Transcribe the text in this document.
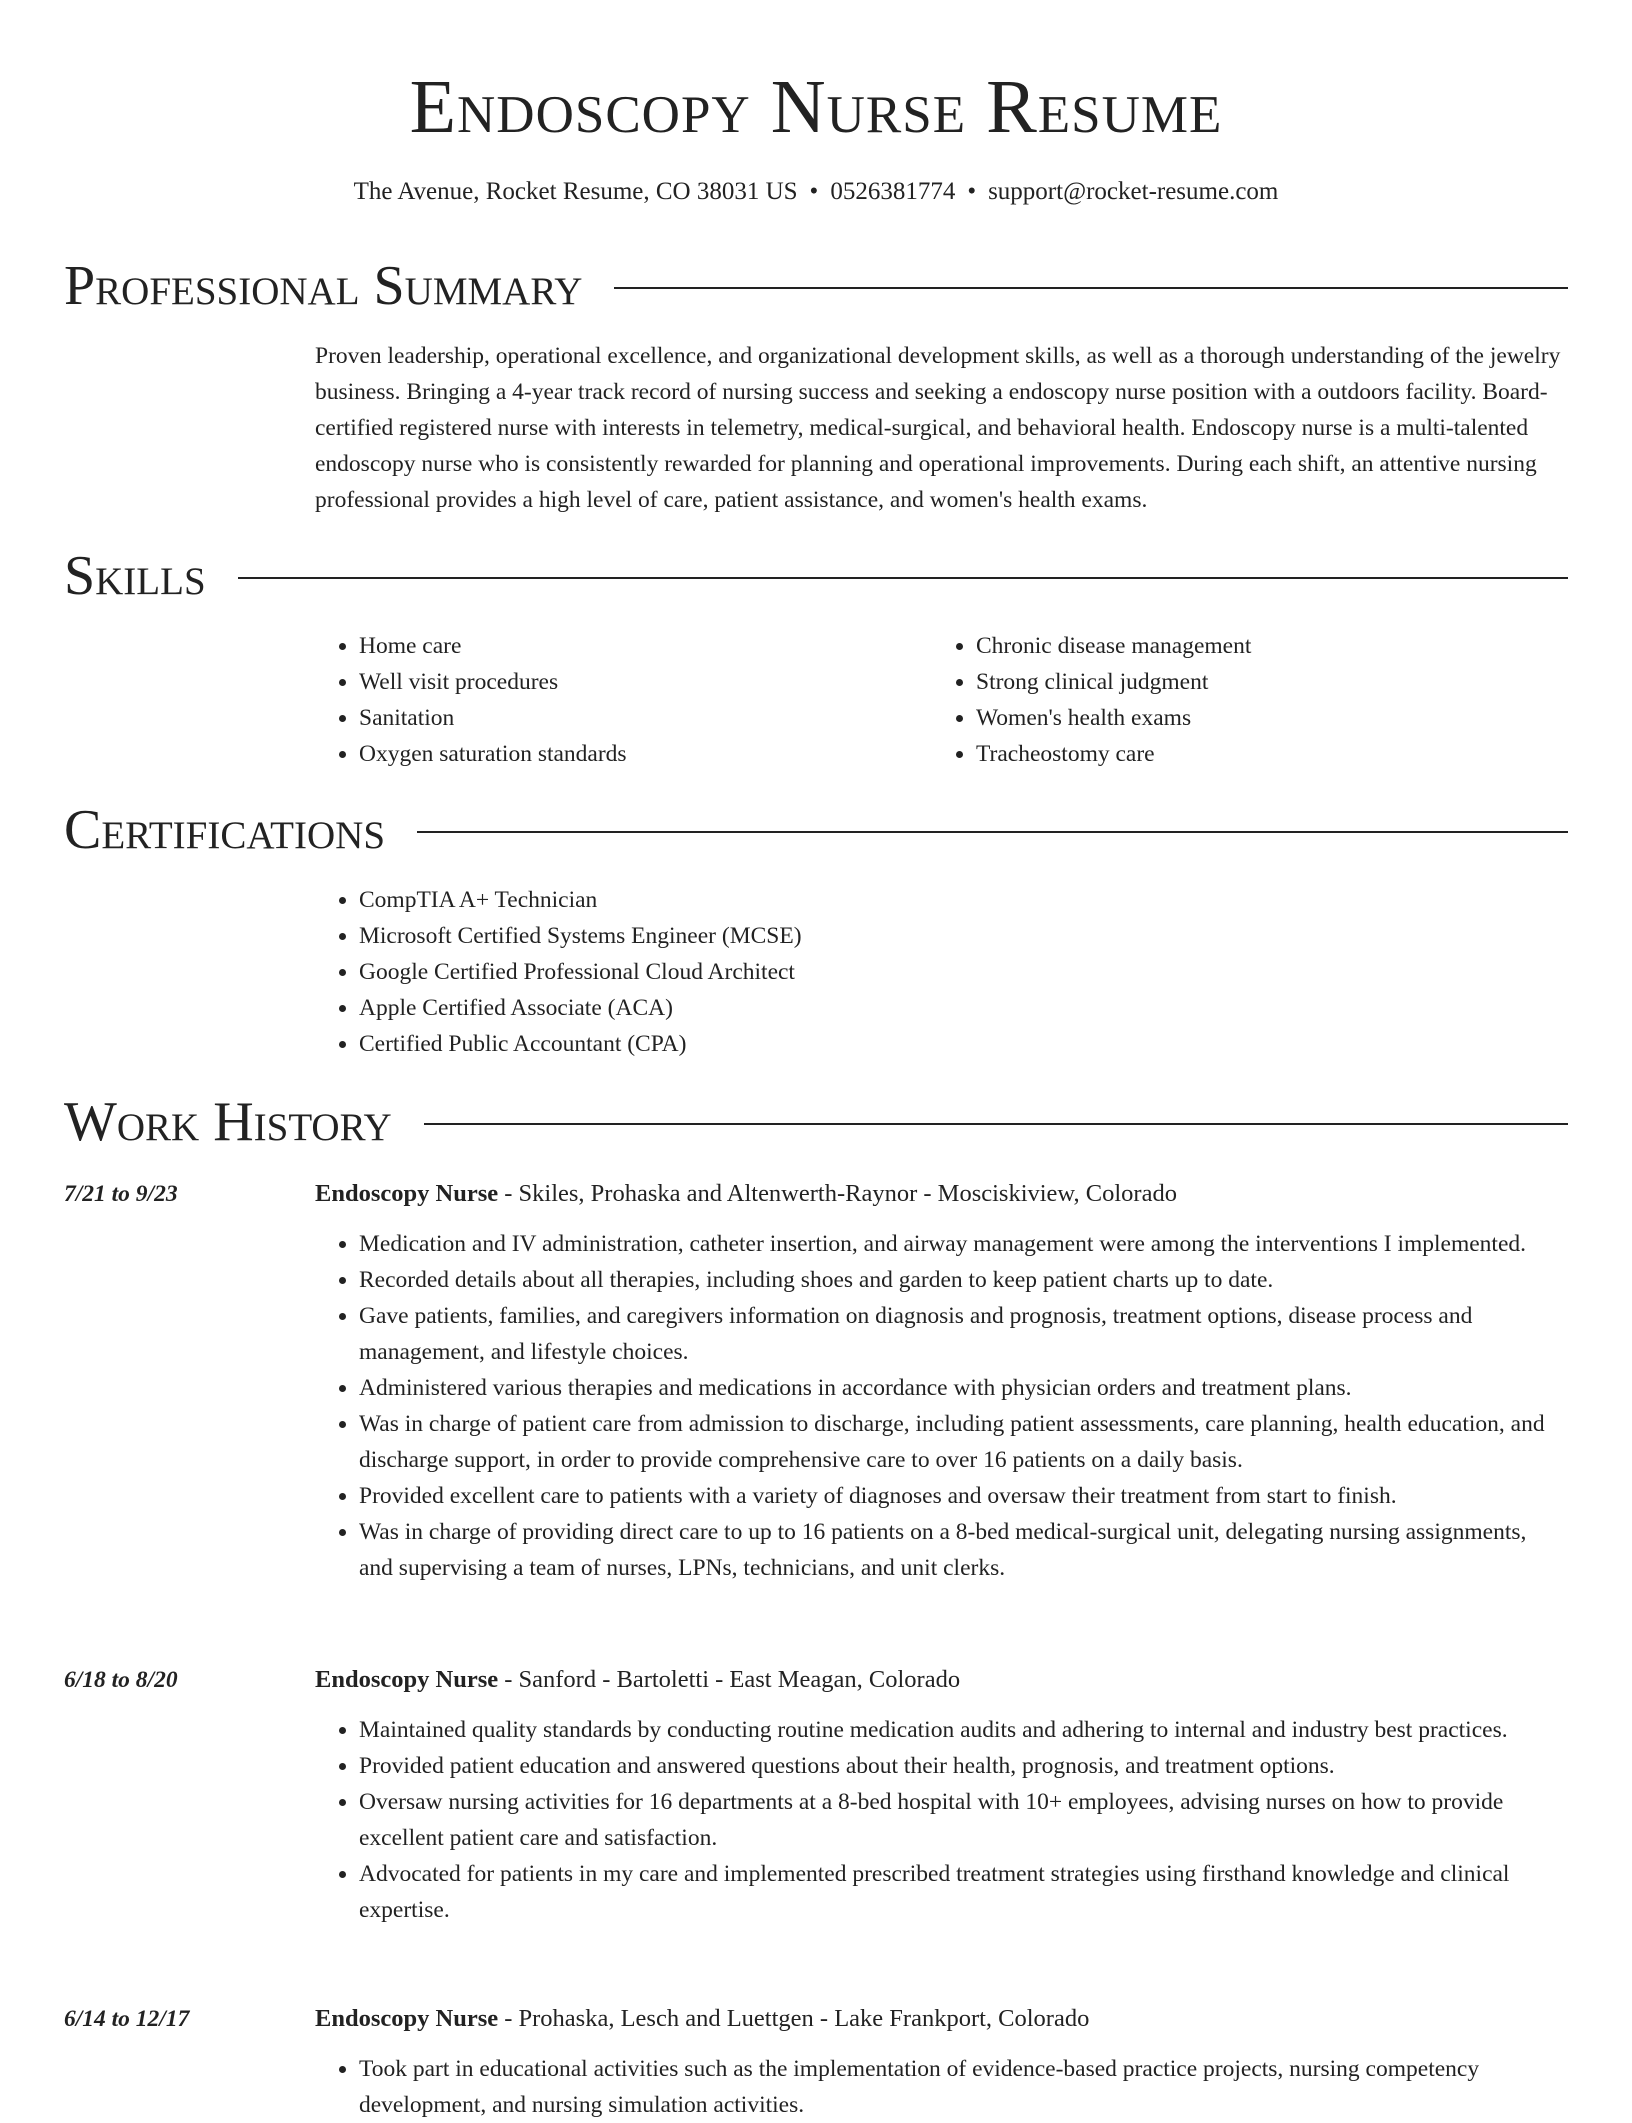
Endoscopy Nurse Resume
The Avenue, Rocket Resume, CO 38031 US • 0526381774 • support@rocket-resume.com
Professional Summary
Proven leadership, operational excellence, and organizational development skills, as well as a thorough understanding of the jewelry business. Bringing a 4-year track record of nursing success and seeking a endoscopy nurse position with a outdoors facility. Board-certified registered nurse with interests in telemetry, medical-surgical, and behavioral health. Endoscopy nurse is a multi-talented endoscopy nurse who is consistently rewarded for planning and operational improvements. During each shift, an attentive nursing professional provides a high level of care, patient assistance, and women's health exams.
Skills
• Home care
• Well visit procedures
• Sanitation
• Oxygen saturation standards
• Chronic disease management
• Strong clinical judgment
• Women's health exams
• Tracheostomy care
Certifications
• CompTIA A+ Technician
• Microsoft Certified Systems Engineer (MCSE)
• Google Certified Professional Cloud Architect
• Apple Certified Associate (ACA)
• Certified Public Accountant (CPA)
Work History
7/21 to 9/23	Endoscopy Nurse - Skiles, Prohaska and Altenwerth-Raynor - Mosciskiview, Colorado
• Medication and IV administration, catheter insertion, and airway management were among the interventions I implemented.
• Recorded details about all therapies, including shoes and garden to keep patient charts up to date.
• Gave patients, families, and caregivers information on diagnosis and prognosis, treatment options, disease process and management, and lifestyle choices.
• Administered various therapies and medications in accordance with physician orders and treatment plans.
• Was in charge of patient care from admission to discharge, including patient assessments, care planning, health education, and discharge support, in order to provide comprehensive care to over 16 patients on a daily basis.
• Provided excellent care to patients with a variety of diagnoses and oversaw their treatment from start to finish.
• Was in charge of providing direct care to up to 16 patients on a 8-bed medical-surgical unit, delegating nursing assignments, and supervising a team of nurses, LPNs, technicians, and unit clerks.
6/18 to 8/20	Endoscopy Nurse - Sanford - Bartoletti - East Meagan, Colorado
• Maintained quality standards by conducting routine medication audits and adhering to internal and industry best practices.
• Provided patient education and answered questions about their health, prognosis, and treatment options.
• Oversaw nursing activities for 16 departments at a 8-bed hospital with 10+ employees, advising nurses on how to provide excellent patient care and satisfaction.
• Advocated for patients in my care and implemented prescribed treatment strategies using firsthand knowledge and clinical expertise.
6/14 to 12/17	Endoscopy Nurse - Prohaska, Lesch and Luettgen - Lake Frankport, Colorado
• Took part in educational activities such as the implementation of evidence-based practice projects, nursing competency development, and nursing simulation activities.
